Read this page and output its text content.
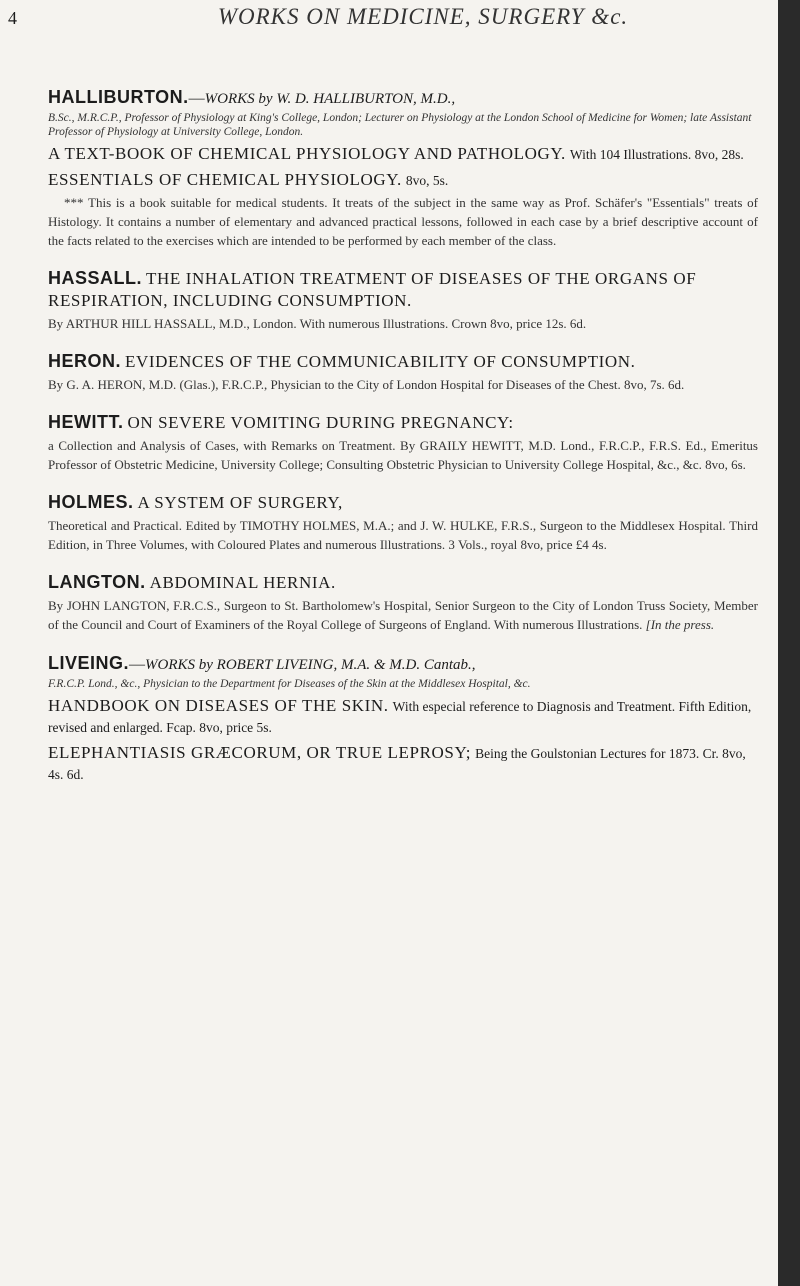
4	WORKS ON MEDICINE, SURGERY &c.

HALLIBURTON.—WORKS by W. D. HALLIBURTON, M.D.,

B.Sc., M.R.C.P., Professor of Physiology at King's College, London; Lecturer on Physiology at the London School of Medicine for Women; late Assistant Professor of Physiology at University College, London.

A TEXT-BOOK OF CHEMICAL PHYSIOLOGY AND PATHOLOGY. With 104 Illustrations. 8vo, 28s.

ESSENTIALS OF CHEMICAL PHYSIOLOGY. 8vo, 5s.

*** This is a book suitable for medical students. It treats of the subject in the same way as Prof. Schäfer's "Essentials" treats of Histology. It contains a number of elementary and advanced practical lessons, followed in each case by a brief descriptive account of the facts related to the exercises which are intended to be performed by each member of the class.

HASSALL. THE INHALATION TREATMENT OF DISEASES OF THE ORGANS OF RESPIRATION, INCLUDING CONSUMPTION.

By ARTHUR HILL HASSALL, M.D., London. With numerous Illustrations. Crown 8vo, price 12s. 6d.

HERON. EVIDENCES OF THE COMMUNICABILITY OF CONSUMPTION.

By G. A. HERON, M.D. (Glas.), F.R.C.P., Physician to the City of London Hospital for Diseases of the Chest. 8vo, 7s. 6d.

HEWITT. ON SEVERE VOMITING DURING PREGNANCY:

a Collection and Analysis of Cases, with Remarks on Treatment. By GRAILY HEWITT, M.D. Lond., F.R.C.P., F.R.S. Ed., Emeritus Professor of Obstetric Medicine, University College; Consulting Obstetric Physician to University College Hospital, &c., &c. 8vo, 6s.

HOLMES. A SYSTEM OF SURGERY,

Theoretical and Practical. Edited by TIMOTHY HOLMES, M.A.; and J. W. HULKE, F.R.S., Surgeon to the Middlesex Hospital. Third Edition, in Three Volumes, with Coloured Plates and numerous Illustrations. 3 Vols., royal 8vo, price £4 4s.

LANGTON. ABDOMINAL HERNIA.

By JOHN LANGTON, F.R.C.S., Surgeon to St. Bartholomew's Hospital, Senior Surgeon to the City of London Truss Society, Member of the Council and Court of Examiners of the Royal College of Surgeons of England. With numerous Illustrations. [In the press.

LIVEING.—WORKS by ROBERT LIVEING, M.A. & M.D. Cantab.,

F.R.C.P. Lond., &c., Physician to the Department for Diseases of the Skin at the Middlesex Hospital, &c.

HANDBOOK ON DISEASES OF THE SKIN. With especial reference to Diagnosis and Treatment. Fifth Edition, revised and enlarged. Fcap. 8vo, price 5s.

ELEPHANTIASIS GRÆCORUM, OR TRUE LEPROSY; Being the Goulstonian Lectures for 1873. Cr. 8vo, 4s. 6d.
